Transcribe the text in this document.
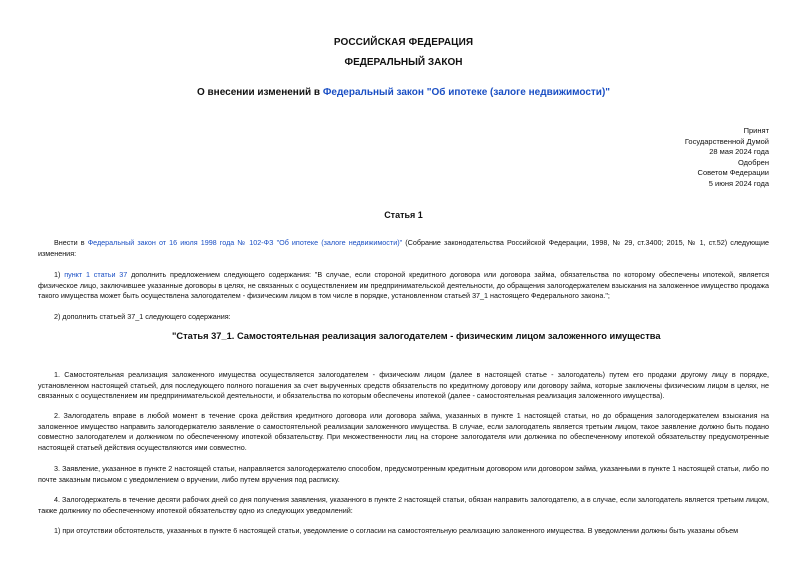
РОССИЙСКАЯ ФЕДЕРАЦИЯ
ФЕДЕРАЛЬНЫЙ ЗАКОН
О внесении изменений в Федеральный закон "Об ипотеке (залоге недвижимости)"
Принят
Государственной Думой
28 мая 2024 года
Одобрен
Советом Федерации
5 июня 2024 года
Статья 1
Внести в Федеральный закон от 16 июля 1998 года № 102-ФЗ "Об ипотеке (залоге недвижимости)" (Собрание законодательства Российской Федерации, 1998, № 29, ст.3400; 2015, № 1, ст.52) следующие изменения:
1) пункт 1 статьи 37 дополнить предложением следующего содержания: "В случае, если стороной кредитного договора или договора займа, обязательства по которому обеспечены ипотекой, является физическое лицо, заключившее указанные договоры в целях, не связанных с осуществлением им предпринимательской деятельности, до обращения залогодержателем взыскания на заложенное имущество продажа такого имущества может быть осуществлена залогодателем - физическим лицом в том числе в порядке, установленном статьей 37_1 настоящего Федерального закона.";
2) дополнить статьей 37_1 следующего содержания:
"Статья 37_1. Самостоятельная реализация залогодателем - физическим лицом заложенного имущества
1. Самостоятельная реализация заложенного имущества осуществляется залогодателем - физическим лицом (далее в настоящей статье - залогодатель) путем его продажи другому лицу в порядке, установленном настоящей статьей, для последующего полного погашения за счет вырученных средств обязательств по кредитному договору или договору займа, которые заключены физическим лицом в целях, не связанных с осуществлением им предпринимательской деятельности, и обязательства по которым обеспечены ипотекой (далее - самостоятельная реализация заложенного имущества).
2. Залогодатель вправе в любой момент в течение срока действия кредитного договора или договора займа, указанных в пункте 1 настоящей статьи, но до обращения залогодержателем взыскания на заложенное имущество направить залогодержателю заявление о самостоятельной реализации заложенного имущества. В случае, если залогодатель является третьим лицом, такое заявление должно быть подано совместно залогодателем и должником по обеспеченному ипотекой обязательству. При множественности лиц на стороне залогодателя или должника по обеспеченному ипотекой обязательству предусмотренные настоящей статьей действия осуществляются ими совместно.
3. Заявление, указанное в пункте 2 настоящей статьи, направляется залогодержателю способом, предусмотренным кредитным договором или договором займа, указанными в пункте 1 настоящей статьи, либо по почте заказным письмом с уведомлением о вручении, либо путем вручения под расписку.
4. Залогодержатель в течение десяти рабочих дней со дня получения заявления, указанного в пункте 2 настоящей статьи, обязан направить залогодателю, а в случае, если залогодатель является третьим лицом, также должнику по обеспеченному ипотекой обязательству одно из следующих уведомлений:
1) при отсутствии обстоятельств, указанных в пункте 6 настоящей статьи, уведомление о согласии на самостоятельную реализацию заложенного имущества. В уведомлении должны быть указаны объем
